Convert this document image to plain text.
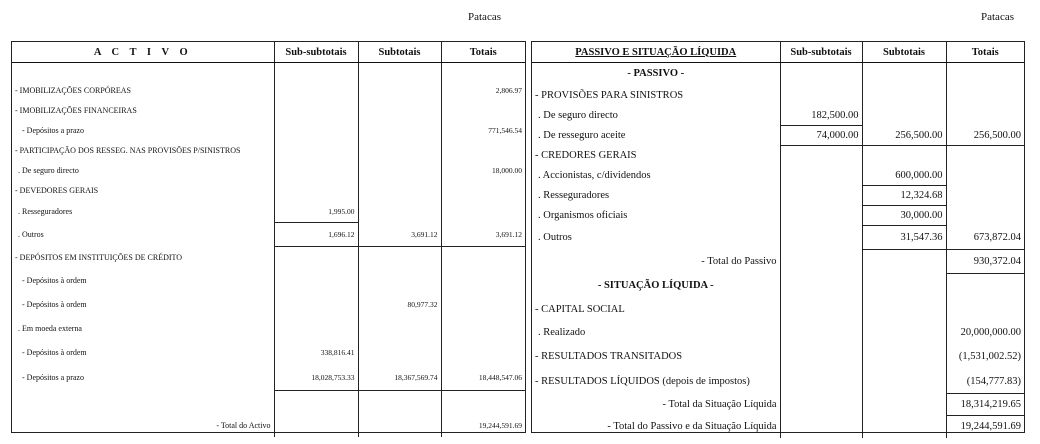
Patacas	Patacas
A C T I V O	Sub-subtotais	Subtotais	Totais

- IMOBILIZAÇÕES CORPÓREAS			2,806.97
- IMOBILIZAÇÕES FINANCEIRAS			
- Depósitos a prazo			771,546.54
- PARTICIPAÇÃO DOS RESSEG. NAS PROVISÕES P/SINISTROS			
. De seguro directo			18,000.00
- DEVEDORES GERAIS			
. Resseguradores	1,995.00		
. Outros	1,696.12	3,691.12	3,691.12
- DEPÓSITOS EM INSTITUIÇÕES DE CRÉDITO			
- Depósitos à ordem			
- Depósitos à ordem		80,977.32	
. Em moeda externa			
- Depósitos à ordem	338,816.41		
- Depósitos a prazo	18,028,753.33	18,367,569.74	18,448,547.06

- Total do Activo			19,244,591.69
PASSIVO E SITUAÇÃO LÍQUIDA	Sub-subtotais	Subtotais	Totais
- PASSIVO -			
- PROVISÕES PARA SINISTROS			
. De seguro directo	182,500.00		
. De resseguro aceite	74,000.00	256,500.00	256,500.00
- CREDORES GERAIS			
. Accionistas, c/dividendos		600,000.00	
. Resseguradores		12,324.68	
. Organismos oficiais		30,000.00	
. Outros		31,547.36	673,872.04
- Total do Passivo			930,372.04
- SITUAÇÃO LÍQUIDA -			
- CAPITAL SOCIAL			
. Realizado			20,000,000.00
- RESULTADOS TRANSITADOS			(1,531,002.52)
- RESULTADOS LÍQUIDOS (depois de impostos)			(154,777.83)
- Total da Situação Líquida			18,314,219.65
- Total do Passivo e da Situação Líquida			19,244,591.69
